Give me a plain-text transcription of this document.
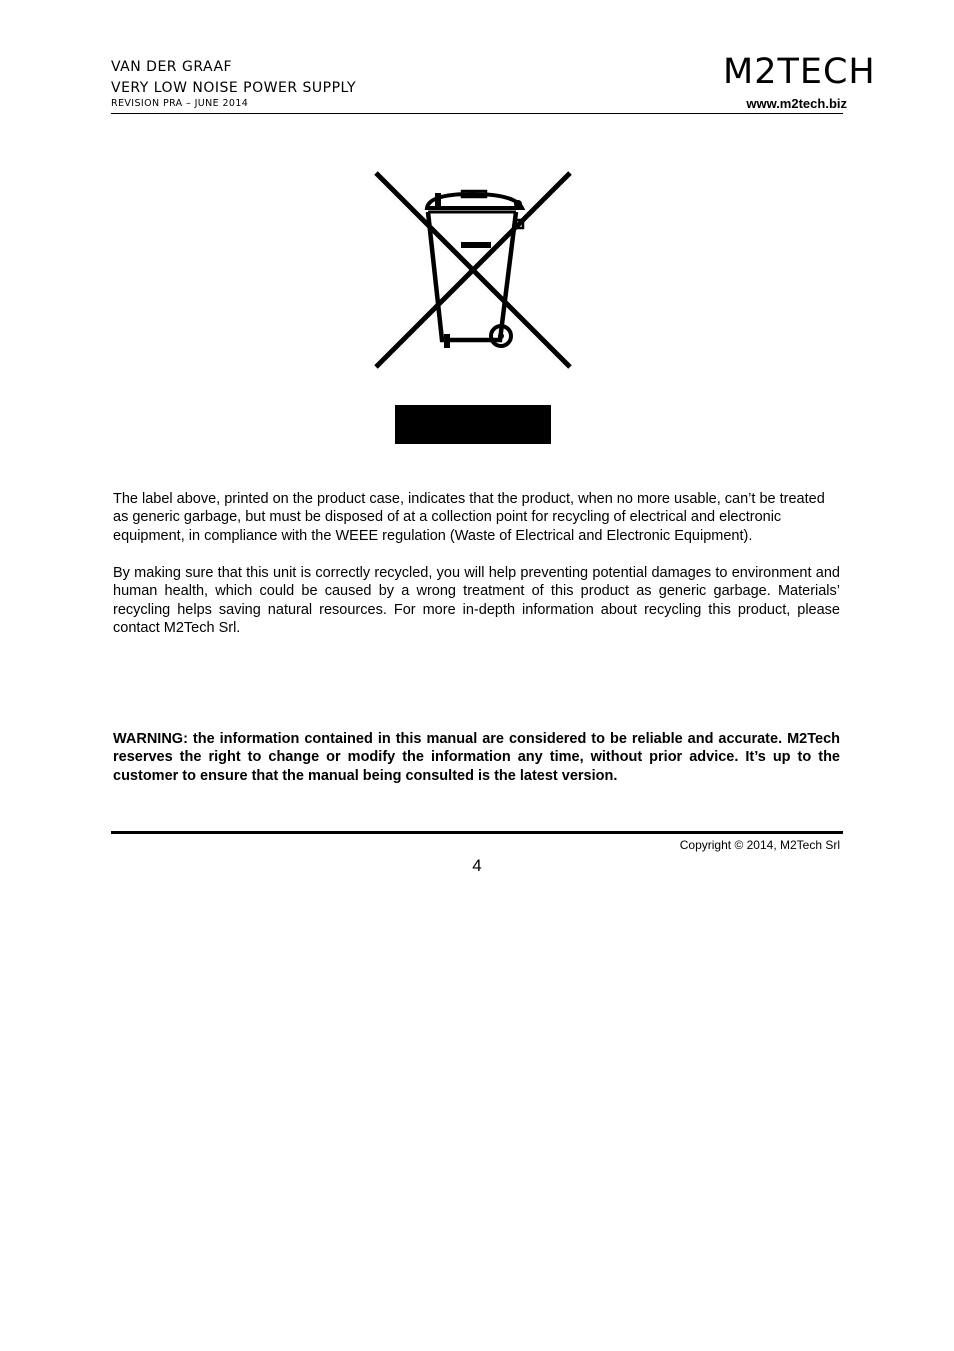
VAN DER GRAAF
VERY LOW NOISE POWER SUPPLY
REVISION PRA – JUNE 2014
M2TECH
www.m2tech.biz
The label above, printed on the product case, indicates that the product, when no more usable, can’t be treated as generic garbage, but must be disposed of at a collection point for recycling of electrical and electronic equipment, in compliance with the WEEE regulation (Waste of Electrical and Electronic Equipment).
By making sure that this unit is correctly recycled, you will help preventing potential damages to environment and human health, which could be caused by a wrong treatment of this product as generic garbage. Materials’ recycling helps saving natural resources. For more in-depth information about recycling this product, please contact M2Tech Srl.
WARNING: the information contained in this manual are considered to be reliable and accurate. M2Tech reserves the right to change or modify the information any time, without prior advice. It’s up to the customer to ensure that the manual being consulted is the latest version.
Copyright © 2014, M2Tech Srl
4
